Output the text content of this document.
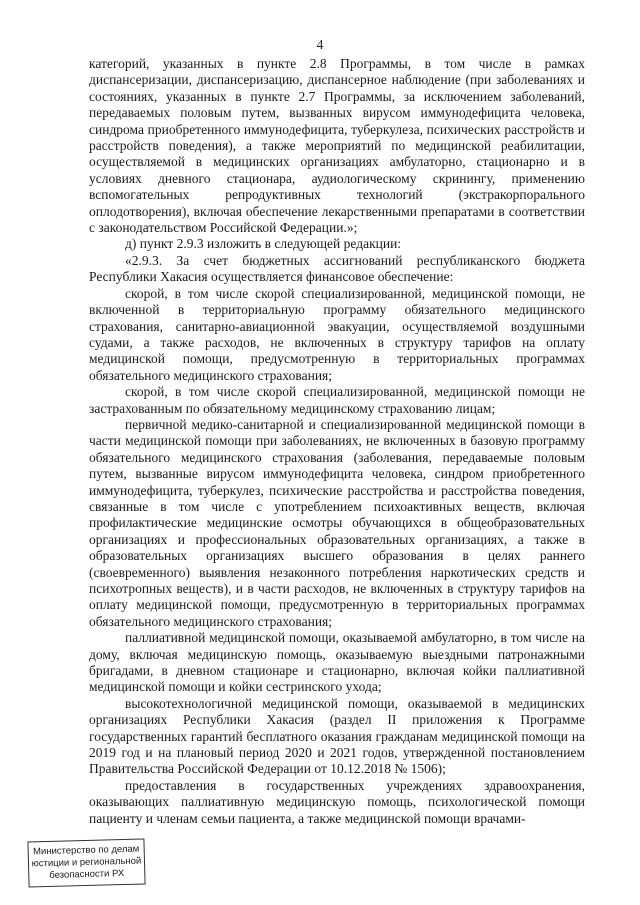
4

категорий, указанных в пункте 2.8 Программы, в том числе в рамках диспансеризации, диспансеризацию, диспансерное наблюдение (при заболеваниях и состояниях, указанных в пункте 2.7 Программы, за исключением заболеваний, передаваемых половым путем, вызванных вирусом иммунодефицита человека, синдрома приобретенного иммунодефицита, туберкулеза, психических расстройств и расстройств поведения), а также мероприятий по медицинской реабилитации, осуществляемой в медицинских организациях амбулаторно, стационарно и в условиях дневного стационара, аудиологическому скринингу, применению вспомогательных репродуктивных технологий (экстракорпорального оплодотворения), включая обеспечение лекарственными препаратами в соответствии с законодательством Российской Федерации.»;

д) пункт 2.9.3 изложить в следующей редакции:

«2.9.3. За счет бюджетных ассигнований республиканского бюджета Республики Хакасия осуществляется финансовое обеспечение:

скорой, в том числе скорой специализированной, медицинской помощи, не включенной в территориальную программу обязательного медицинского страхования, санитарно-авиационной эвакуации, осуществляемой воздушными судами, а также расходов, не включенных в структуру тарифов на оплату медицинской помощи, предусмотренную в территориальных программах обязательного медицинского страхования;

скорой, в том числе скорой специализированной, медицинской помощи не застрахованным по обязательному медицинскому страхованию лицам;

первичной медико-санитарной и специализированной медицинской помощи в части медицинской помощи при заболеваниях, не включенных в базовую программу обязательного медицинского страхования (заболевания, передаваемые половым путем, вызванные вирусом иммунодефицита человека, синдром приобретенного иммунодефицита, туберкулез, психические расстройства и расстройства поведения, связанные в том числе с употреблением психоактивных веществ, включая профилактические медицинские осмотры обучающихся в общеобразовательных организациях и профессиональных образовательных организациях, а также в образовательных организациях высшего образования в целях раннего (своевременного) выявления незаконного потребления наркотических средств и психотропных веществ), и в части расходов, не включенных в структуру тарифов на оплату медицинской помощи, предусмотренную в территориальных программах обязательного медицинского страхования;

паллиативной медицинской помощи, оказываемой амбулаторно, в том числе на дому, включая медицинскую помощь, оказываемую выездными патронажными бригадами, в дневном стационаре и стационарно, включая койки паллиативной медицинской помощи и койки сестринского ухода;

высокотехнологичной медицинской помощи, оказываемой в медицинских организациях Республики Хакасия (раздел II приложения к Программе государственных гарантий бесплатного оказания гражданам медицинской помощи на 2019 год и на плановый период 2020 и 2021 годов, утвержденной постановлением Правительства Российской Федерации от 10.12.2018 № 1506);

предоставления в государственных учреждениях здравоохранения, оказывающих паллиативную медицинскую помощь, психологической помощи пациенту и членам семьи пациента, а также медицинской помощи врачами-

Министерство по делам
юстиции и региональной
безопасности РХ
